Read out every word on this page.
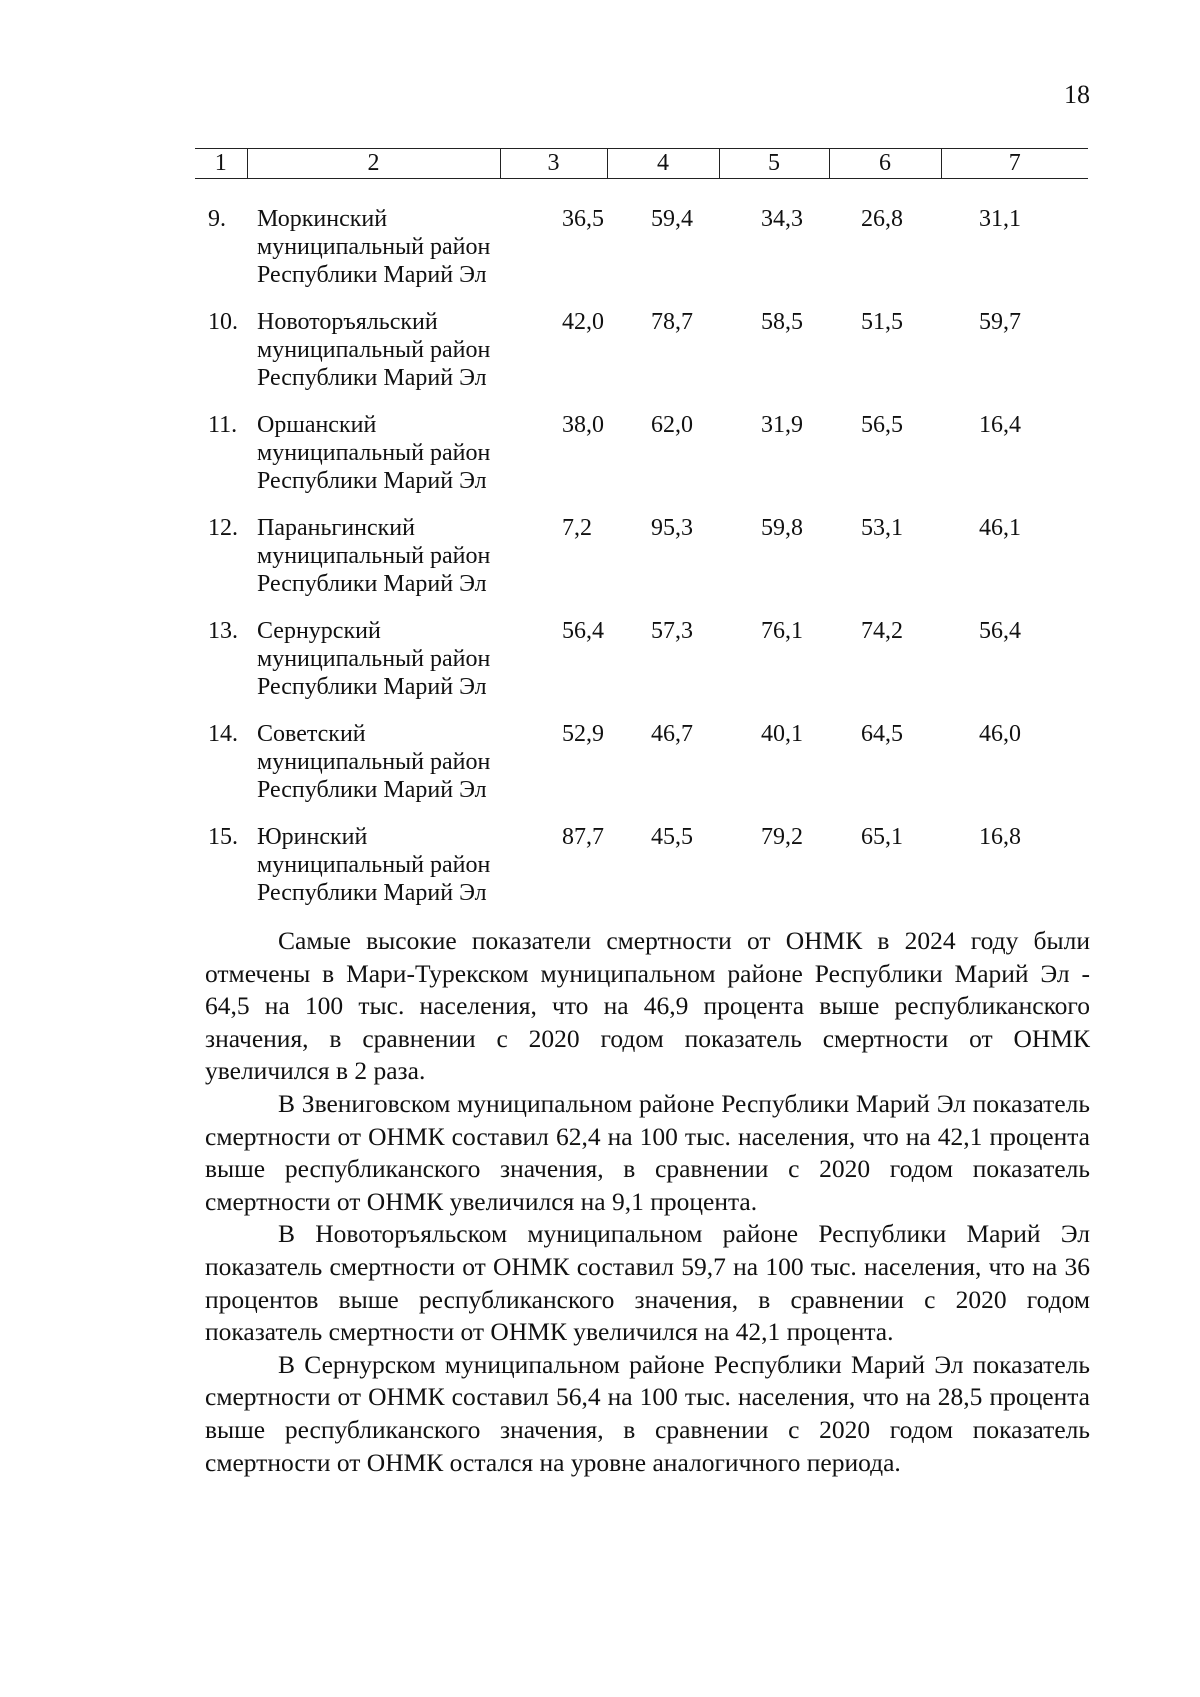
18
1	2	3	4	5	6	7
9.	Моркинский
муниципальный район
Республики Марий Эл	36,5	59,4	34,3	26,8	31,1
10.	Новоторъяльский
муниципальный район
Республики Марий Эл	42,0	78,7	58,5	51,5	59,7
11.	Оршанский
муниципальный район
Республики Марий Эл	38,0	62,0	31,9	56,5	16,4
12.	Параньгинский
муниципальный район
Республики Марий Эл	7,2	95,3	59,8	53,1	46,1
13.	Сернурский
муниципальный район
Республики Марий Эл	56,4	57,3	76,1	74,2	56,4
14.	Советский
муниципальный район
Республики Марий Эл	52,9	46,7	40,1	64,5	46,0
15.	Юринский
муниципальный район
Республики Марий Эл	87,7	45,5	79,2	65,1	16,8

Самые высокие показатели смертности от ОНМК в 2024 году были отмечены в Мари-Турекском муниципальном районе Республики Марий Эл - 64,5 на 100 тыс. населения, что на 46,9 процента выше республиканского значения, в сравнении с 2020 годом показатель смертности от ОНМК увеличился в 2 раза.

В Звениговском муниципальном районе Республики Марий Эл показатель смертности от ОНМК составил 62,4 на 100 тыс. населения, что на 42,1 процента выше республиканского значения, в сравнении с 2020 годом показатель смертности от ОНМК увеличился на 9,1 процента.

В Новоторъяльском муниципальном районе Республики Марий Эл показатель смертности от ОНМК составил 59,7 на 100 тыс. населения, что на 36 процентов выше республиканского значения, в сравнении с 2020 годом показатель смертности от ОНМК увеличился на 42,1 процента.

В Сернурском муниципальном районе Республики Марий Эл показатель смертности от ОНМК составил 56,4 на 100 тыс. населения, что на 28,5 процента выше республиканского значения, в сравнении с 2020 годом показатель смертности от ОНМК остался на уровне аналогичного периода.
